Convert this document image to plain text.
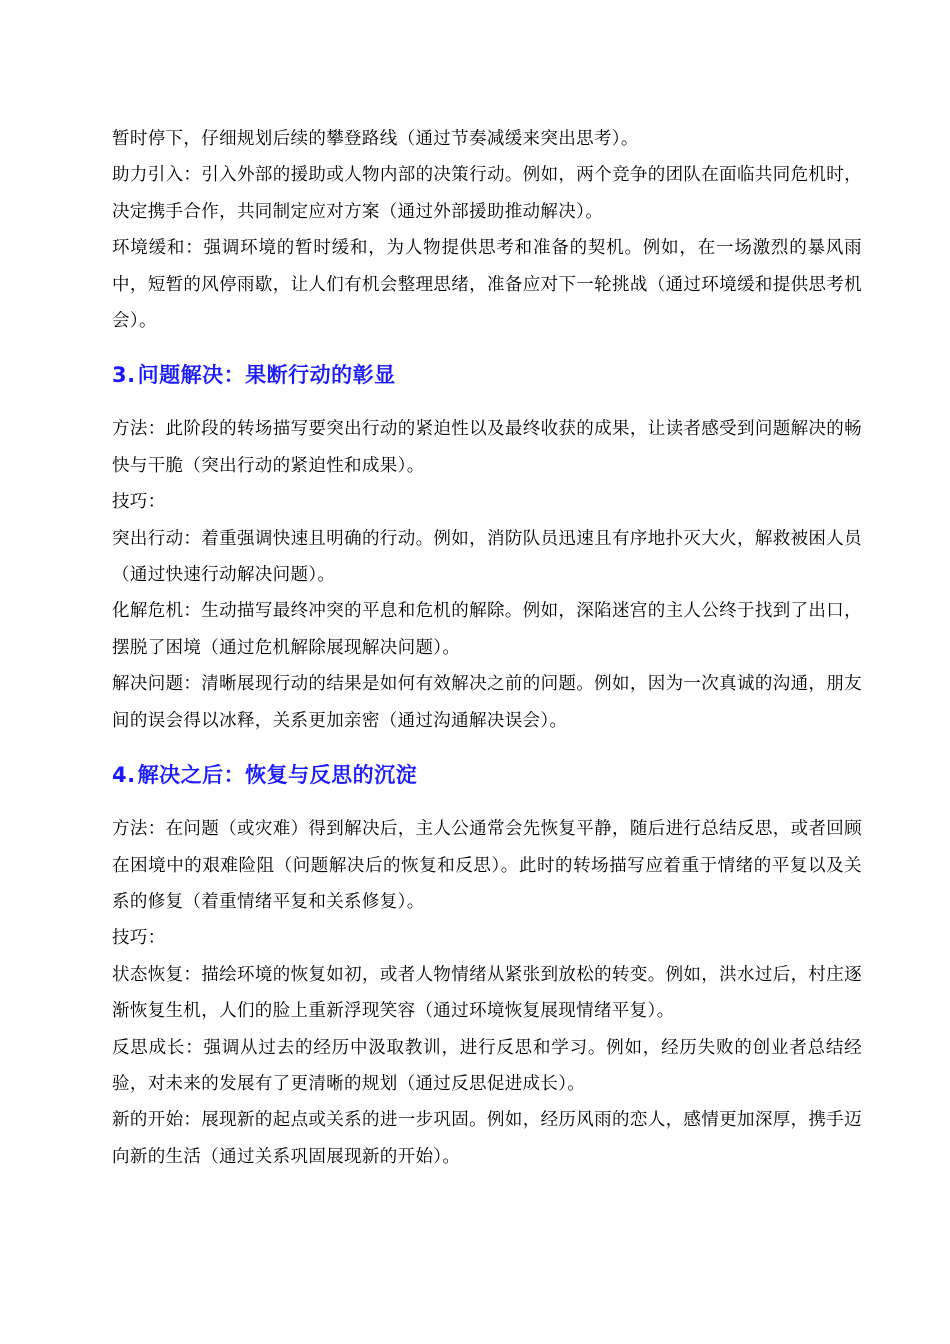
暂时停下，仔细规划后续的攀登路线（通过节奏减缓来突出思考）。

助力引入：引入外部的援助或人物内部的决策行动。例如，两个竞争的团队在面临共同危机时，决定携手合作，共同制定应对方案（通过外部援助推动解决）。

环境缓和：强调环境的暂时缓和，为人物提供思考和准备的契机。例如，在一场激烈的暴风雨中，短暂的风停雨歇，让人们有机会整理思绪，准备应对下一轮挑战（通过环境缓和提供思考机会）。

3.问题解决：果断行动的彰显

方法：此阶段的转场描写要突出行动的紧迫性以及最终收获的成果，让读者感受到问题解决的畅快与干脆（突出行动的紧迫性和成果）。

技巧：

突出行动：着重强调快速且明确的行动。例如，消防队员迅速且有序地扑灭大火，解救被困人员（通过快速行动解决问题）。

化解危机：生动描写最终冲突的平息和危机的解除。例如，深陷迷宫的主人公终于找到了出口，摆脱了困境（通过危机解除展现解决问题）。

解决问题：清晰展现行动的结果是如何有效解决之前的问题。例如，因为一次真诚的沟通，朋友间的误会得以冰释，关系更加亲密（通过沟通解决误会）。

4.解决之后：恢复与反思的沉淀

方法：在问题（或灾难）得到解决后，主人公通常会先恢复平静，随后进行总结反思，或者回顾在困境中的艰难险阻（问题解决后的恢复和反思）。此时的转场描写应着重于情绪的平复以及关系的修复（着重情绪平复和关系修复）。

技巧：

状态恢复：描绘环境的恢复如初，或者人物情绪从紧张到放松的转变。例如，洪水过后，村庄逐渐恢复生机，人们的脸上重新浮现笑容（通过环境恢复展现情绪平复）。

反思成长：强调从过去的经历中汲取教训，进行反思和学习。例如，经历失败的创业者总结经验，对未来的发展有了更清晰的规划（通过反思促进成长）。

新的开始：展现新的起点或关系的进一步巩固。例如，经历风雨的恋人，感情更加深厚，携手迈向新的生活（通过关系巩固展现新的开始）。
